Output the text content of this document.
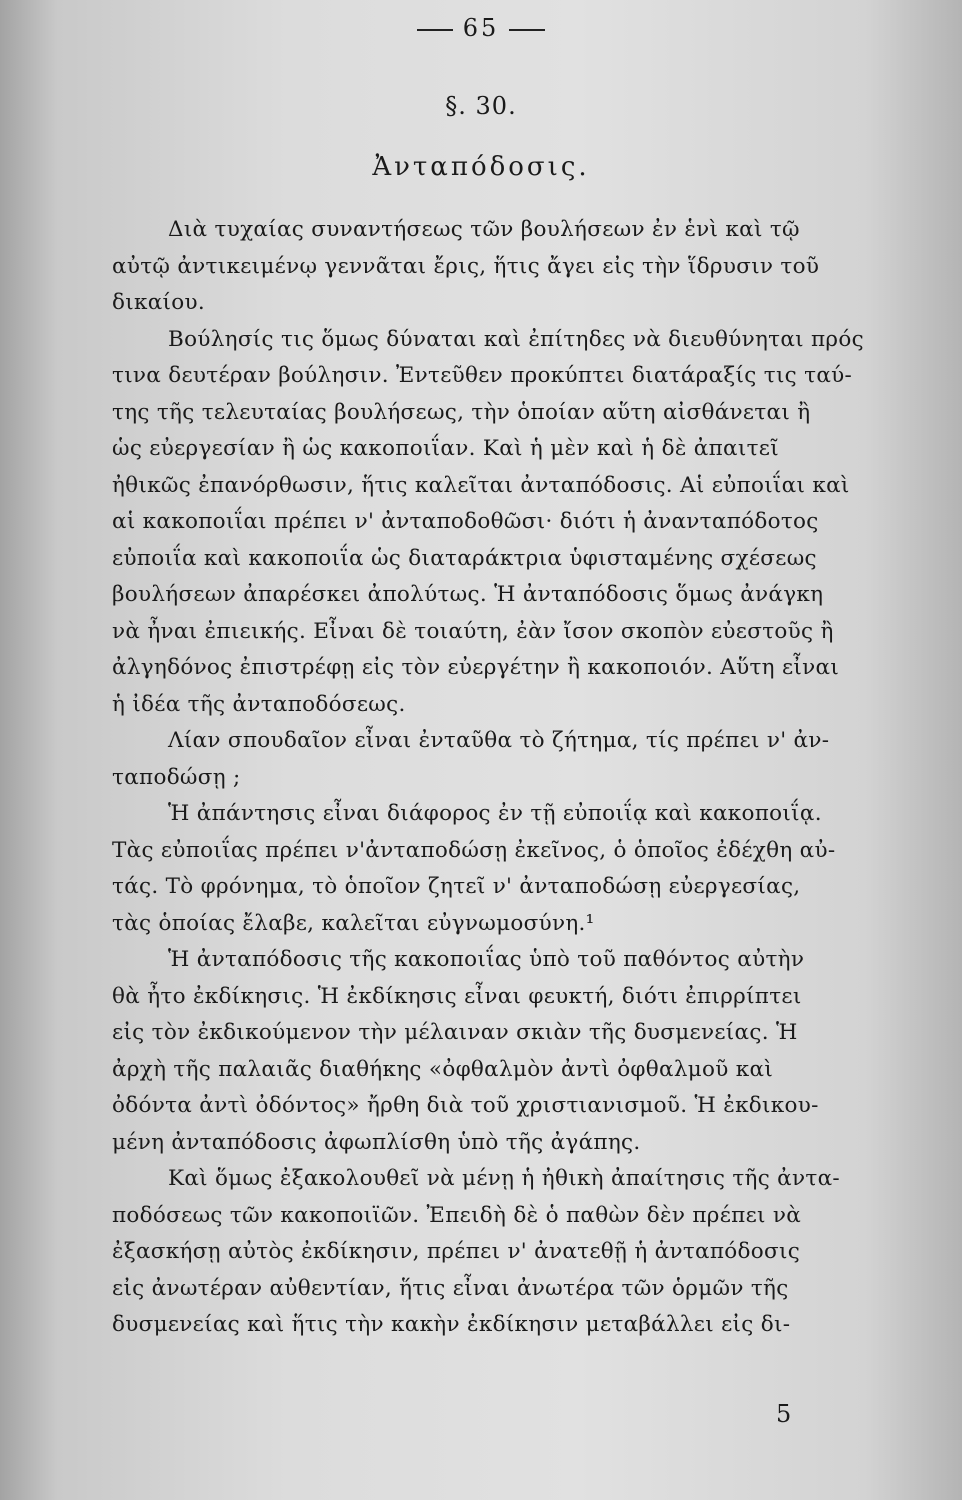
65
§. 30.
Ἀνταπόδοσις.
Διὰ τυχαίας συναντήσεως τῶν βουλήσεων ἐν ἑνὶ καὶ τῷ
αὐτῷ ἀντικειμένῳ γεννᾶται ἔρις, ἥτις ἄγει εἰς τὴν ἵδρυσιν τοῦ
δικαίου.
Βούλησίς τις ὅμως δύναται καὶ ἐπίτηδες νὰ διευθύνηται πρός
τινα δευτέραν βούλησιν. Ἐντεῦθεν προκύπτει διατάραξίς τις ταύ-
της τῆς τελευταίας βουλήσεως, τὴν ὁποίαν αὕτη αἰσθάνεται ἢ
ὡς εὐεργεσίαν ἢ ὡς κακοποιΐαν. Καὶ ἡ μὲν καὶ ἡ δὲ ἀπαιτεῖ
ἠθικῶς ἐπανόρθωσιν, ἥτις καλεῖται ἀνταπόδοσις. Αἱ εὐποιΐαι καὶ
αἱ κακοποιΐαι πρέπει ν' ἀνταποδοθῶσι· διότι ἡ ἀνανταπόδοτος
εὐποιΐα καὶ κακοποιΐα ὡς διαταράκτρια ὑφισταμένης σχέσεως
βουλήσεων ἀπαρέσκει ἀπολύτως. Ἡ ἀνταπόδοσις ὅμως ἀνάγκη
νὰ ἦναι ἐπιεικής. Εἶναι δὲ τοιαύτη, ἐὰν ἴσον σκοπὸν εὐεστοῦς ἢ
ἀλγηδόνος ἐπιστρέφῃ εἰς τὸν εὐεργέτην ἢ κακοποιόν. Αὕτη εἶναι
ἡ ἰδέα τῆς ἀνταποδόσεως.
Λίαν σπουδαῖον εἶναι ἐνταῦθα τὸ ζήτημα, τίς πρέπει ν' ἀν-
ταποδώσῃ ;
Ἡ ἀπάντησις εἶναι διάφορος ἐν τῇ εὐποιΐᾳ καὶ κακοποιΐᾳ.
Τὰς εὐποιΐας πρέπει ν'ἀνταποδώσῃ ἐκεῖνος, ὁ ὁποῖος ἐδέχθη αὐ-
τάς. Τὸ φρόνημα, τὸ ὁποῖον ζητεῖ ν' ἀνταποδώσῃ εὐεργεσίας,
τὰς ὁποίας ἔλαβε, καλεῖται εὐγνωμοσύνη.¹
Ἡ ἀνταπόδοσις τῆς κακοποιΐας ὑπὸ τοῦ παθόντος αὐτὴν
θὰ ἦτο ἐκδίκησις. Ἡ ἐκδίκησις εἶναι φευκτή, διότι ἐπιρρίπτει
εἰς τὸν ἐκδικούμενον τὴν μέλαιναν σκιὰν τῆς δυσμενείας. Ἡ
ἀρχὴ τῆς παλαιᾶς διαθήκης «ὀφθαλμὸν ἀντὶ ὀφθαλμοῦ καὶ
ὀδόντα ἀντὶ ὀδόντος» ἤρθη διὰ τοῦ χριστιανισμοῦ. Ἡ ἐκδικου-
μένη ἀνταπόδοσις ἀφωπλίσθη ὑπὸ τῆς ἀγάπης.
Καὶ ὅμως ἐξακολουθεῖ νὰ μένῃ ἡ ἠθικὴ ἀπαίτησις τῆς ἀντα-
ποδόσεως τῶν κακοποιϊῶν. Ἐπειδὴ δὲ ὁ παθὼν δὲν πρέπει νὰ
ἐξασκήσῃ αὐτὸς ἐκδίκησιν, πρέπει ν' ἀνατεθῇ ἡ ἀνταπόδοσις
εἰς ἀνωτέραν αὐθεντίαν, ἥτις εἶναι ἀνωτέρα τῶν ὁρμῶν τῆς
δυσμενείας καὶ ἥτις τὴν κακὴν ἐκδίκησιν μεταβάλλει εἰς δι-
5
